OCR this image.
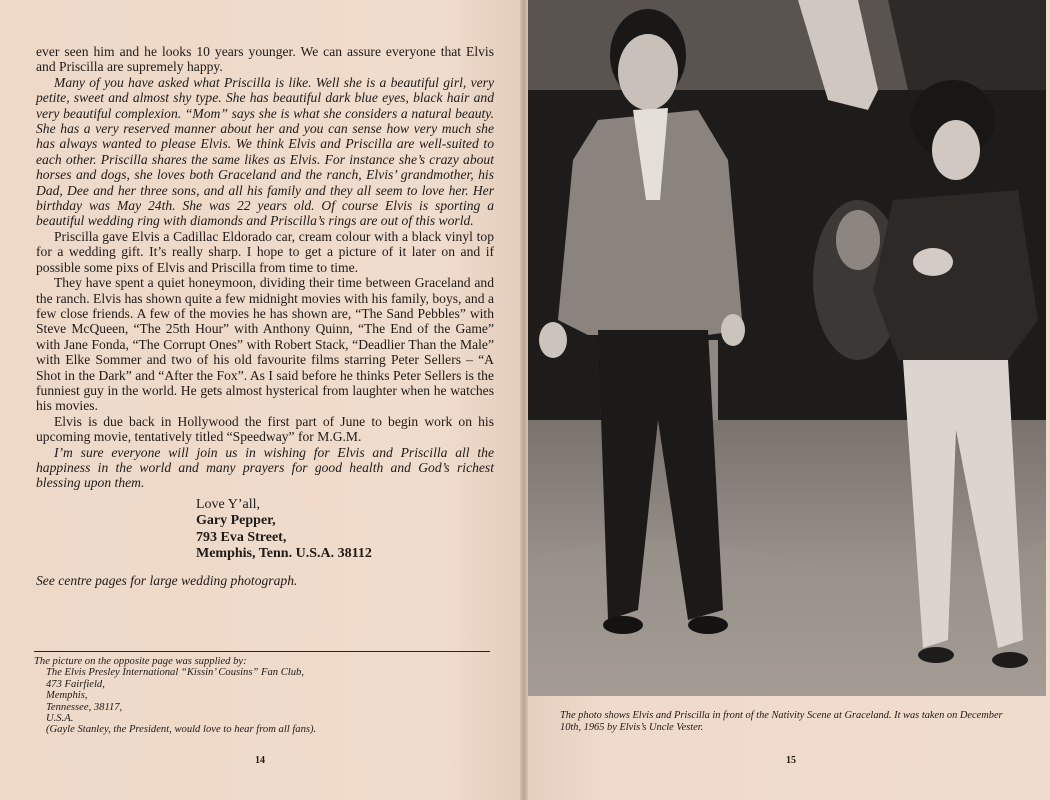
ever seen him and he looks 10 years younger. We can assure everyone that Elvis and Priscilla are supremely happy.

Many of you have asked what Priscilla is like. Well she is a beautiful girl, very petite, sweet and almost shy type. She has beautiful dark blue eyes, black hair and very beautiful complexion. “Mom” says she is what she considers a natural beauty. She has a very reserved manner about her and you can sense how very much she has always wanted to please Elvis. We think Elvis and Priscilla are well-suited to each other. Priscilla shares the same likes as Elvis. For instance she’s crazy about horses and dogs, she loves both Graceland and the ranch, Elvis’ grandmother, his Dad, Dee and her three sons, and all his family and they all seem to love her. Her birthday was May 24th. She was 22 years old. Of course Elvis is sporting a beautiful wedding ring with diamonds and Priscilla’s rings are out of this world.

Priscilla gave Elvis a Cadillac Eldorado car, cream colour with a black vinyl top for a wedding gift. It’s really sharp. I hope to get a picture of it later on and if possible some pixs of Elvis and Priscilla from time to time.

They have spent a quiet honeymoon, dividing their time between Graceland and the ranch. Elvis has shown quite a few midnight movies with his family, boys, and a few close friends. A few of the movies he has shown are, “The Sand Pebbles” with Steve McQueen, “The 25th Hour” with Anthony Quinn, “The End of the Game” with Jane Fonda, “The Corrupt Ones” with Robert Stack, “Deadlier Than the Male” with Elke Sommer and two of his old favourite films starring Peter Sellers – “A Shot in the Dark” and “After the Fox”. As I said before he thinks Peter Sellers is the funniest guy in the world. He gets almost hysterical from laughter when he watches his movies.

Elvis is due back in Hollywood the first part of June to begin work on his upcoming movie, tentatively titled “Speedway” for M.G.M.

I’m sure everyone will join us in wishing for Elvis and Priscilla all the happiness in the world and many prayers for good health and God’s richest blessing upon them.

Love Y’all,
Gary Pepper,
793 Eva Street,
Memphis, Tenn. U.S.A. 38112
See centre pages for large wedding photograph.
The picture on the opposite page was supplied by:
The Elvis Presley International “Kissin’ Cousins” Fan Club,
473 Fairfield,
Memphis,
Tennessee, 38117,
U.S.A.
(Gayle Stanley, the President, would love to hear from all fans).
14	15
The photo shows Elvis and Priscilla in front of the Nativity Scene at Graceland. It was taken on December 10th, 1965 by Elvis’s Uncle Vester.
